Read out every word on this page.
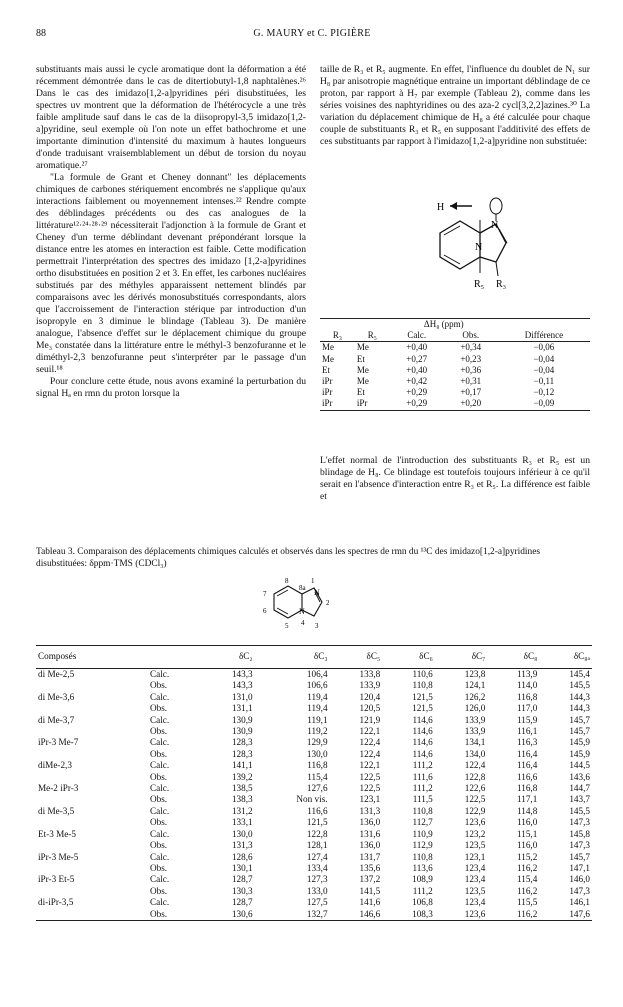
88	G. MAURY et C. PIGIÈRE

substituants mais aussi le cycle aromatique dont la déformation a été récemment démontrée dans le cas de ditertiobutyl-1,8 naphtalènes.²⁶ Dans le cas des imidazo[1,2-a]pyridines péri disubstituées, les spectres uv montrent que la déformation de l'hétérocycle a une très faible amplitude sauf dans le cas de la diisopropyl-3,5 imidazo[1,2-a]pyridine, seul exemple où l'on note un effet bathochrome et une importante diminution d'intensité du maximum à hautes longueurs d'onde traduisant vraisemblablement un début de torsion du noyau aromatique.²⁷

"La formule de Grant et Cheney donnant" les déplacements chimiques de carbones stériquement encombrés ne s'applique qu'aux interactions faiblement ou moyennement intenses.²² Rendre compte des déblindages précédents ou des cas analogues de la littérature¹²·²⁴·²⁸·²⁹ nécessiterait l'adjonction à la formule de Grant et Cheney d'un terme déblindant devenant prépondérant lorsque la distance entre les atomes en interaction est faible. Cette modification permettrait l'interprétation des spectres des imidazo [1,2-a]pyridines ortho disubstituées en position 2 et 3. En effet, les carbones nucléaires substitués par des méthyles apparaissent nettement blindés par comparaisons avec les dérivés monosubstitués correspondants, alors que l'accroissement de l'interaction stérique par introduction d'un isopropyle en 3 diminue le blindage (Tableau 3). De manière analogue, l'absence d'effet sur le déplacement chimique du groupe Me₃ constatée dans la littérature entre le méthyl-3 benzofuranne et le diméthyl-2,3 benzofuranne peut s'interpréter par le passage d'un seuil.¹⁸

Pour conclure cette étude, nous avons examiné la perturbation du signal Hₐ en rmn du proton lorsque la

taille de R₃ et R₅ augmente. En effet, l'influence du doublet de N₁ sur H₈ par anisotropie magnétique entraine un important déblindage de ce proton, par rapport à H₇ par exemple (Tableau 2), comme dans les séries voisines des naphtyridines ou des aza-2 cycl[3,2,2]azines.³⁰ La variation du déplacement chimique de H₈ a été calculée pour chaque couple de substituants R₃ et R₅ en supposant l'additivité des effets de ces substituants par rapport à l'imidazo[1,2-a]pyridine non substituée:

H
N
N
R₅ R₃
		ΔH₈ (ppm)		
R₃	R₅	Calc.	Obs.	Différence
Me	Me	+0,40	+0,34	−0,06
Me	Et	+0,27	+0,23	−0,04
Et	Me	+0,40	+0,36	−0,04
iPr	Me	+0,42	+0,31	−0,11
iPr	Et	+0,29	+0,17	−0,12
iPr	iPr	+0,29	+0,20	−0,09

L'effet normal de l'introduction des substituants R₃ et R₅ est un blindage de H₈. Ce blindage est toutefois toujours inférieur à ce qu'il serait en l'absence d'interaction entre R₃ et R₅. La différence est faible et

Tableau 3. Comparaison des déplacements chimiques calculés et observés dans les spectres de rmn du ¹³C des imidazo[1,2-a]pyridines disubstituées: δppm·TMS (CDCl₃)
8	1
7
8a N
2
6	N
5 4 3
Composés		δC₂	δC₃	δC₅	δC₆	δC₇	δC₈	δC₈ₐ
di Me-2,5	Calc.	143,3	106,4	133,8	110,6	123,8	113,9	145,4
	Obs.	143,3	106,6	133,9	110,8	124,1	114,0	145,5
di Me-3,6	Calc.	131,0	119,4	120,4	121,5	126,2	116,8	144,3
	Obs.	131,1	119,4	120,5	121,5	126,0	117,0	144,3
di Me-3,7	Calc.	130,9	119,1	121,9	114,6	133,9	115,9	145,7
	Obs.	130,9	119,2	122,1	114,6	133,9	116,1	145,7
iPr-3 Me-7	Calc.	128,3	129,9	122,4	114,6	134,1	116,3	145,9
	Obs.	128,3	130,0	122,4	114,6	134,0	116,4	145,9
diMe-2,3	Calc.	141,1	116,8	122,1	111,2	122,4	116,4	144,5
	Obs.	139,2	115,4	122,5	111,6	122,8	116,6	143,6
Me-2 iPr-3	Calc.	138,5	127,6	122,5	111,2	122,6	116,8	144,7
	Obs.	138,3	Non vis.	123,1	111,5	122,5	117,1	143,7
di Me-3,5	Calc.	131,2	116,6	131,3	110,8	122,9	114,8	145,5
	Obs.	133,1	121,5	136,0	112,7	123,6	116,0	147,3
Et-3 Me-5	Calc.	130,0	122,8	131,6	110,9	123,2	115,1	145,8
	Obs.	131,3	128,1	136,0	112,9	123,5	116,0	147,3
iPr-3 Me-5	Calc.	128,6	127,4	131,7	110,8	123,1	115,2	145,7
	Obs.	130,1	133,4	135,6	113,6	123,4	116,2	147,1
iPr-3 Et-5	Calc.	128,7	127,3	137,2	108,9	123,4	115,4	146,0
	Obs.	130,3	133,0	141,5	111,2	123,5	116,2	147,3
di-iPr-3,5	Calc.	128,7	127,5	141,6	106,8	123,4	115,5	146,1
	Obs.	130,6	132,7	146,6	108,3	123,6	116,2	147,6
